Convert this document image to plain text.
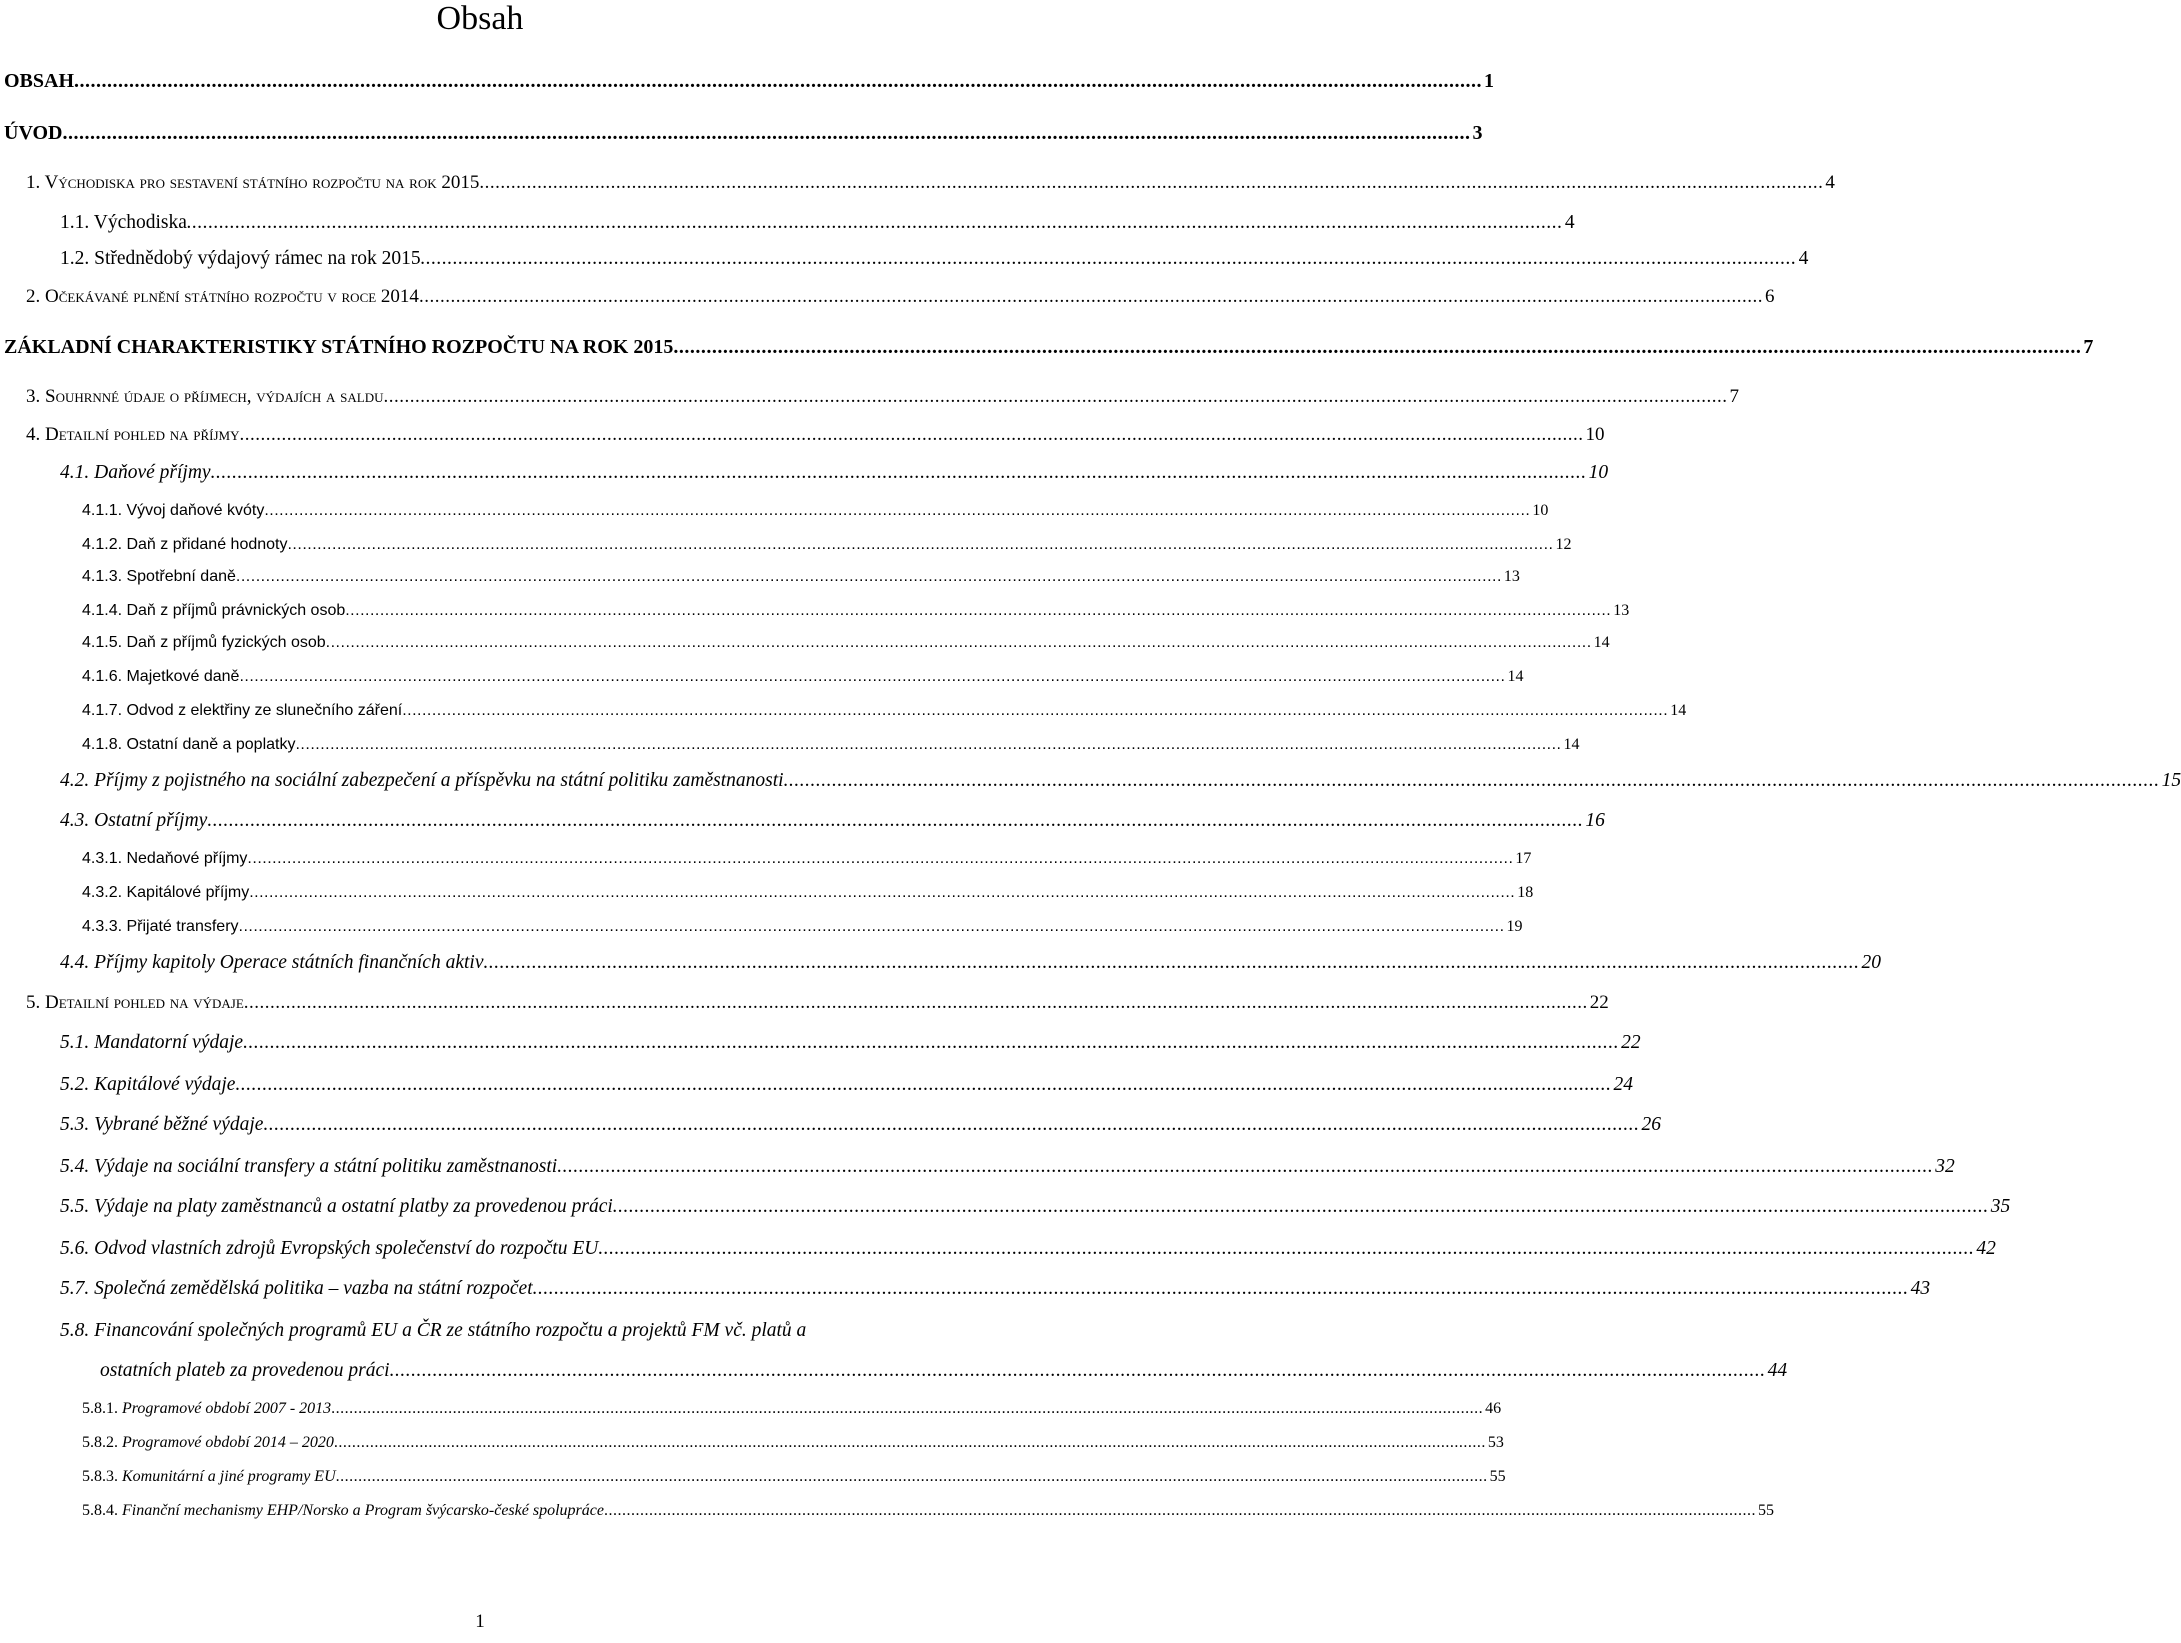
Obsah
OBSAH ................................................................................................................................................................................................................................................................ 1
ÚVOD ................................................................................................................................................................................................................................................................ 3
1. Východiska pro sestavení státního rozpočtu na rok 2015 ................................................................................................................................................................................................................................................................ 4
1.1. Východiska ................................................................................................................................................................................................................................................................ 4
1.2. Střednědobý výdajový rámec na rok 2015 ................................................................................................................................................................................................................................................................ 4
2. Očekávané plnění státního rozpočtu v roce 2014 ................................................................................................................................................................................................................................................................ 6
ZÁKLADNÍ CHARAKTERISTIKY STÁTNÍHO ROZPOČTU NA ROK 2015 ................................................................................................................................................................................................................................................................ 7
3. Souhrnné údaje o příjmech, výdajích a saldu ................................................................................................................................................................................................................................................................ 7
4. Detailní pohled na příjmy ................................................................................................................................................................................................................................................................ 10
4.1. Daňové příjmy ................................................................................................................................................................................................................................................................ 10
4.1.1. Vývoj daňové kvóty ................................................................................................................................................................................................................................................................ 10
4.1.2. Daň z přidané hodnoty ................................................................................................................................................................................................................................................................ 12
4.1.3. Spotřební daně ................................................................................................................................................................................................................................................................ 13
4.1.4. Daň z příjmů právnických osob ................................................................................................................................................................................................................................................................ 13
4.1.5. Daň z příjmů fyzických osob ................................................................................................................................................................................................................................................................ 14
4.1.6. Majetkové daně ................................................................................................................................................................................................................................................................ 14
4.1.7. Odvod z elektřiny ze slunečního záření ................................................................................................................................................................................................................................................................ 14
4.1.8. Ostatní daně a poplatky ................................................................................................................................................................................................................................................................ 14
4.2. Příjmy z pojistného na sociální zabezpečení a příspěvku na státní politiku zaměstnanosti ................................................................................................................................................................................................................................................................ 15
4.3. Ostatní příjmy ................................................................................................................................................................................................................................................................ 16
4.3.1. Nedaňové příjmy ................................................................................................................................................................................................................................................................ 17
4.3.2. Kapitálové příjmy ................................................................................................................................................................................................................................................................ 18
4.3.3. Přijaté transfery ................................................................................................................................................................................................................................................................ 19
4.4. Příjmy kapitoly Operace státních finančních aktiv ................................................................................................................................................................................................................................................................ 20
5. Detailní pohled na výdaje ................................................................................................................................................................................................................................................................ 22
5.1. Mandatorní výdaje ................................................................................................................................................................................................................................................................ 22
5.2. Kapitálové výdaje ................................................................................................................................................................................................................................................................ 24
5.3. Vybrané běžné výdaje ................................................................................................................................................................................................................................................................ 26
5.4. Výdaje na sociální transfery a státní politiku zaměstnanosti ................................................................................................................................................................................................................................................................ 32
5.5. Výdaje na platy zaměstnanců a ostatní platby za provedenou práci ................................................................................................................................................................................................................................................................ 35
5.6. Odvod vlastních zdrojů Evropských společenství do rozpočtu EU ................................................................................................................................................................................................................................................................ 42
5.7. Společná zemědělská politika – vazba na státní rozpočet ................................................................................................................................................................................................................................................................ 43
5.8. Financování společných programů EU a ČR ze státního rozpočtu a projektů FM vč. platů a
ostatních plateb za provedenou práci ................................................................................................................................................................................................................................................................ 44
5.8.1. Programové období 2007 - 2013 ................................................................................................................................................................................................................................................................ 46
5.8.2. Programové období 2014 – 2020 ................................................................................................................................................................................................................................................................ 53
5.8.3. Komunitární a jiné programy EU ................................................................................................................................................................................................................................................................ 55
5.8.4. Finanční mechanismy EHP/Norsko a Program švýcarsko-české spolupráce ................................................................................................................................................................................................................................................................ 55
1
